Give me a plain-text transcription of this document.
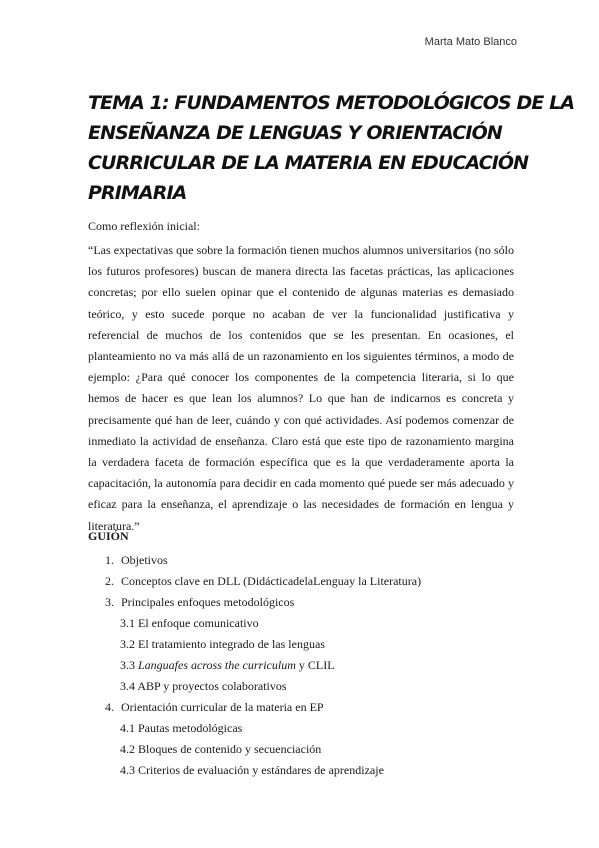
Marta Mato Blanco
TEMA 1: FUNDAMENTOS METODOLÓGICOS DE LA
ENSEÑANZA DE LENGUAS Y ORIENTACIÓN
CURRICULAR DE LA MATERIA EN EDUCACIÓN
PRIMARIA
Como reflexión inicial:
“Las expectativas que sobre la formación tienen muchos alumnos universitarios (no sólo los futuros profesores) buscan de manera directa las facetas prácticas, las aplicaciones concretas; por ello suelen opinar que el contenido de algunas materias es demasiado teórico, y esto sucede porque no acaban de ver la funcionalidad justificativa y referencial de muchos de los contenidos que se les presentan. En ocasiones, el planteamiento no va más allá de un razonamiento en los siguientes términos, a modo de ejemplo: ¿Para qué conocer los componentes de la competencia literaria, si lo que hemos de hacer es que lean los alumnos? Lo que han de indicarnos es concreta y precisamente qué han de leer, cuándo y con qué actividades. Así podemos comenzar de inmediato la actividad de enseñanza. Claro está que este tipo de razonamiento margina la verdadera faceta de formación específica que es la que verdaderamente aporta la capacitación, la autonomía para decidir en cada momento qué puede ser más adecuado y eficaz para la enseñanza, el aprendizaje o las necesidades de formación en lengua y literatura.”
GUIÓN
1. Objetivos
2. Conceptos clave en DLL (DidácticadelaLenguay la Literatura)
3. Principales enfoques metodológicos
3.1 El enfoque comunicativo
3.2 El tratamiento integrado de las lenguas
3.3 Languafes across the curriculum y CLIL
3.4 ABP y proyectos colaborativos
4. Orientación curricular de la materia en EP
4.1 Pautas metodológicas
4.2 Bloques de contenido y secuenciación
4.3 Criterios de evaluación y estándares de aprendizaje
